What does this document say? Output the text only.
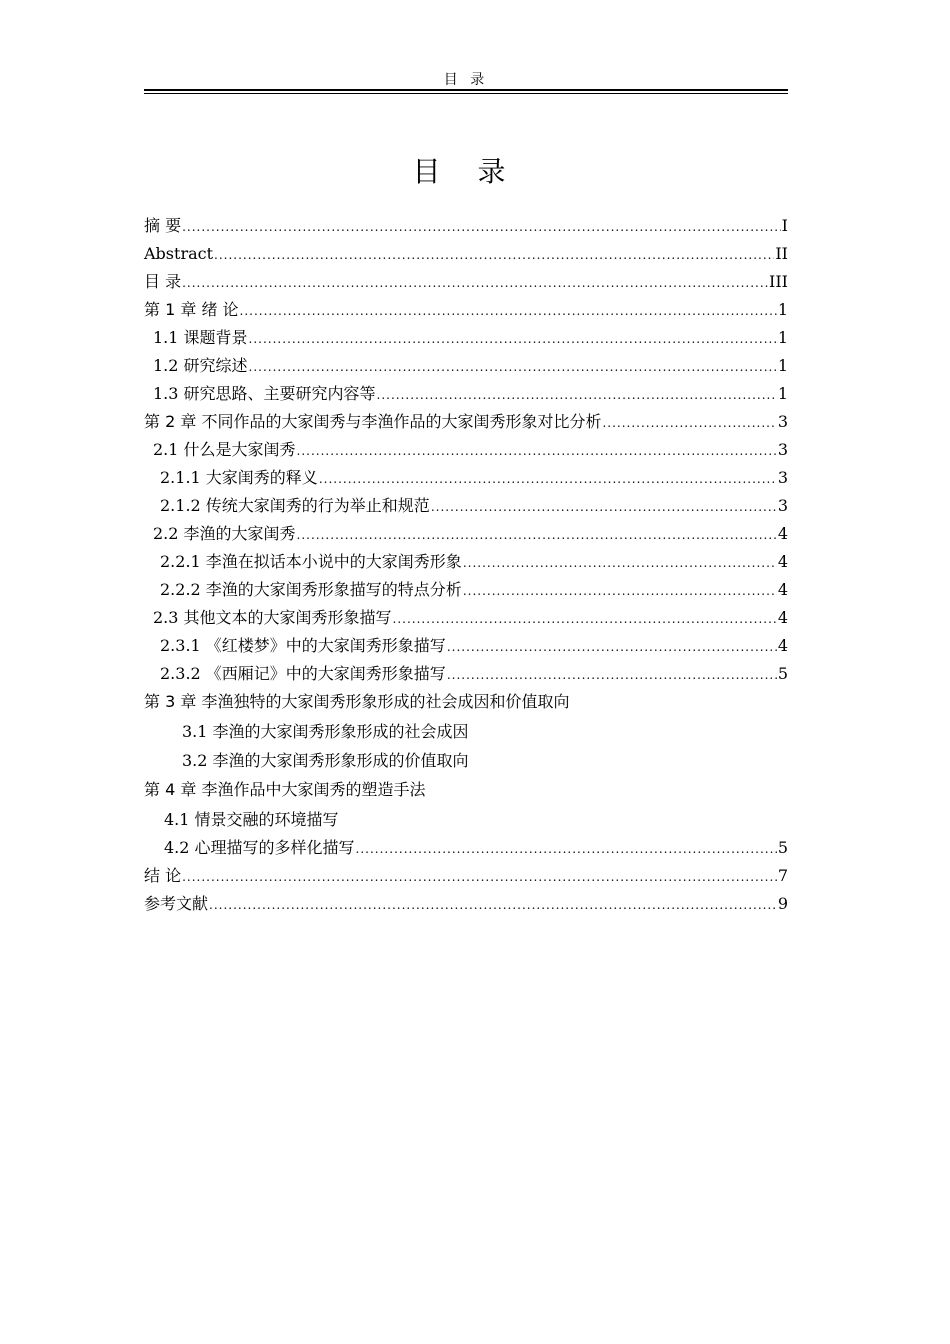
目 录
目 录
摘 要 .....	I
Abstract .....	II
目 录 .....	III
第 1 章 绪 论 .....	1
1.1 课题背景 .....	1
1.2 研究综述 .....	1
1.3 研究思路、主要研究内容等 .....	1
第 2 章 不同作品的大家闺秀与李渔作品的大家闺秀形象对比分析 .....	3
2.1 什么是大家闺秀 .....	3
2.1.1 大家闺秀的释义 .....	3
2.1.2 传统大家闺秀的行为举止和规范 .....	3
2.2 李渔的大家闺秀 .....	4
2.2.1 李渔在拟话本小说中的大家闺秀形象 .....	4
2.2.2 李渔的大家闺秀形象描写的特点分析 .....	4
2.3 其他文本的大家闺秀形象描写 .....	4
2.3.1 《红楼梦》中的大家闺秀形象描写 .....	4
2.3.2 《西厢记》中的大家闺秀形象描写 .....	5
第 3 章 李渔独特的大家闺秀形象形成的社会成因和价值取向
3.1 李渔的大家闺秀形象形成的社会成因
3.2 李渔的大家闺秀形象形成的价值取向
第 4 章 李渔作品中大家闺秀的塑造手法
4.1 情景交融的环境描写
4.2 心理描写的多样化描写 .....	5
结 论 .....	7
参考文献 .....	9
